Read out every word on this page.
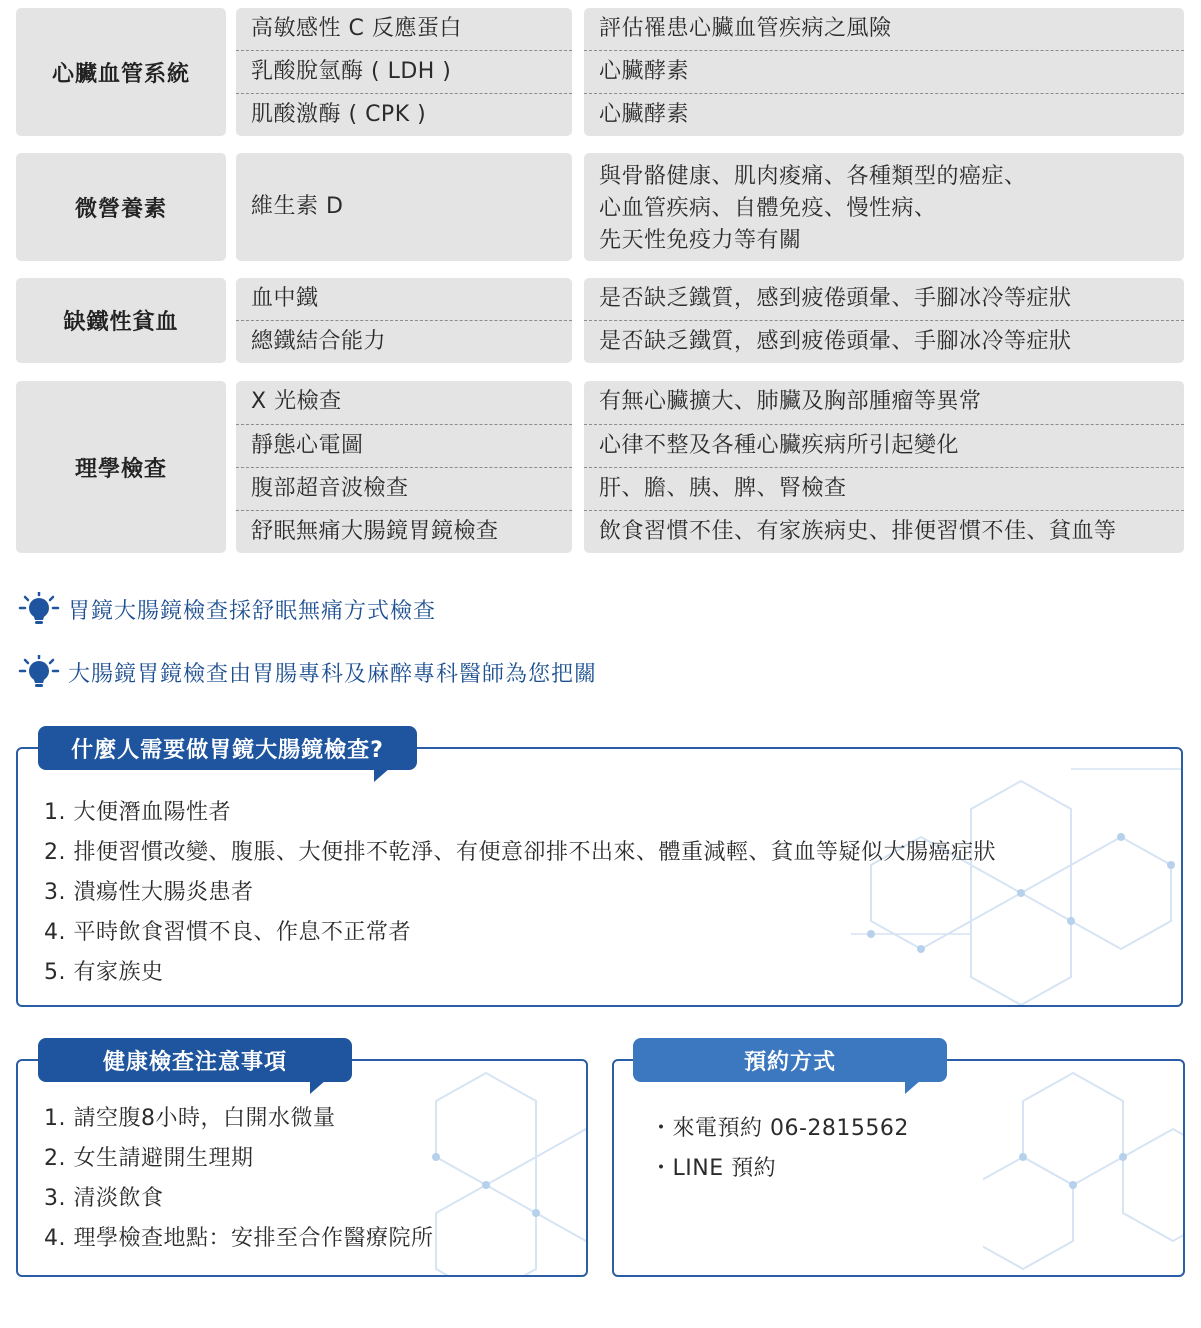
心臟血管系統
高敏感性 C 反應蛋白
乳酸脫氫酶 ( LDH )
肌酸激酶 ( CPK )
評估罹患心臟血管疾病之風險
心臟酵素
心臟酵素
微營養素	維生素 D
與骨骼健康、肌肉痠痛、各種類型的癌症、
心血管疾病、自體免疫、慢性病、
先天性免疫力等有關
缺鐵性貧血
血中鐵
總鐵結合能力
是否缺乏鐵質，感到疲倦頭暈、手腳冰冷等症狀
是否缺乏鐵質，感到疲倦頭暈、手腳冰冷等症狀
理學檢查
X 光檢查
靜態心電圖
腹部超音波檢查
舒眠無痛大腸鏡胃鏡檢查
有無心臟擴大、肺臟及胸部腫瘤等異常
心律不整及各種心臟疾病所引起變化
肝、膽、胰、脾、腎檢查
飲食習慣不佳、有家族病史、排便習慣不佳、貧血等
胃鏡大腸鏡檢查採舒眠無痛方式檢查
大腸鏡胃鏡檢查由胃腸專科及麻醉專科醫師為您把關
1. 大便潛血陽性者
2. 排便習慣改變、腹脹、大便排不乾淨、有便意卻排不出來、體重減輕、貧血等疑似大腸癌症狀
3. 潰瘍性大腸炎患者
4. 平時飲食習慣不良、作息不正常者
5. 有家族史
什麼人需要做胃鏡大腸鏡檢查?
1. 請空腹8小時，白開水微量
2. 女生請避開生理期
3. 清淡飲食
4. 理學檢查地點：安排至合作醫療院所
健康檢查注意事項
・來電預約 06-2815562
・LINE 預約
預約方式
